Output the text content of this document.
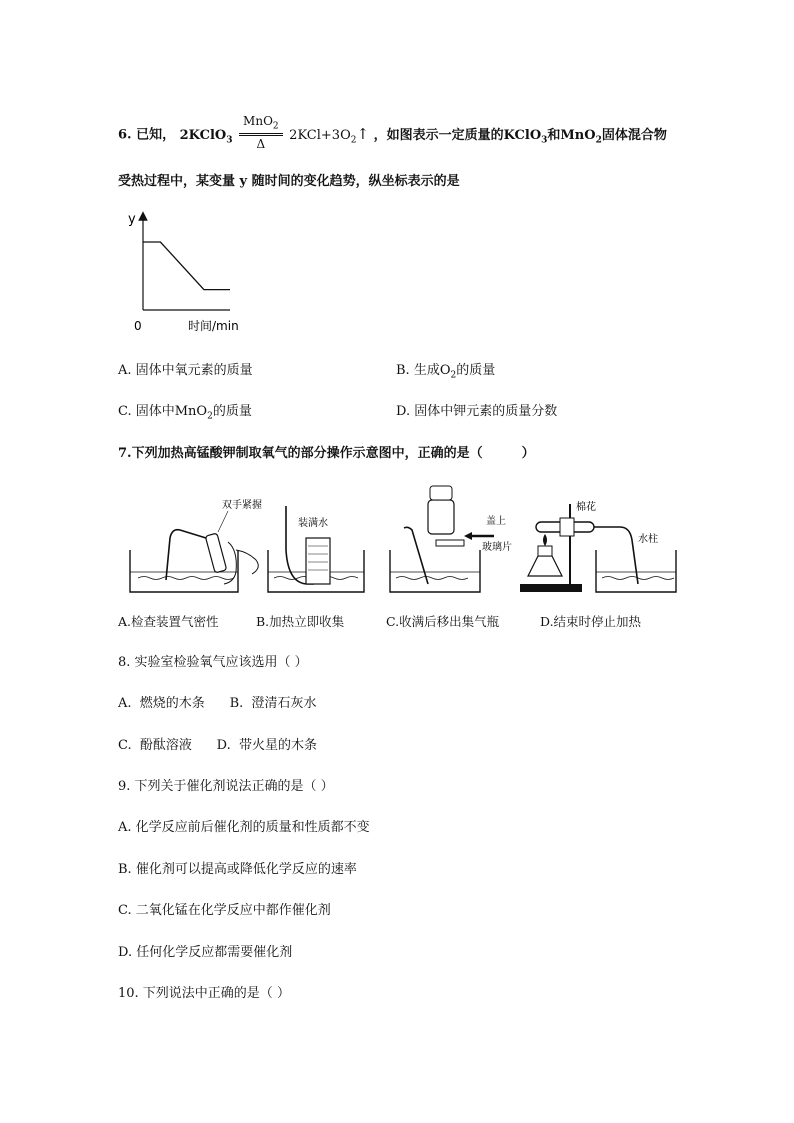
6. 已知， 2KClO$_3$ $\frac{MnO_2}{\Delta}$ $2KCl+3O_2↑$ ，如图表示一定质量的KClO$_3$和MnO$_2$固体混合物
受热过程中，某变量 y 随时间的变化趋势，纵坐标表示的是
y
0	时间/min
A. 固体中氧元素的质量	B. 生成$O_2$的质量
C. 固体中MnO$_2$的质量	D. 固体中钾元素的质量分数
7.下列加热高锰酸钾制取氧气的部分操作示意图中，正确的是（　　　）
双手紧握
装满水	盖上
玻璃片
棉花
水柱
A.检查装置气密性	B.加热立即收集	C.收满后移出集气瓶	D.结束时停止加热
8. 实验室检验氧气应该选用（ ）
A.  燃烧的木条      B.  澄清石灰水
C.  酚酞溶液      D.  带火星的木条
9. 下列关于催化剂说法正确的是（ ）
A. 化学反应前后催化剂的质量和性质都不变
B. 催化剂可以提高或降低化学反应的速率
C. 二氧化锰在化学反应中都作催化剂
D. 任何化学反应都需要催化剂
10. 下列说法中正确的是（ ）
